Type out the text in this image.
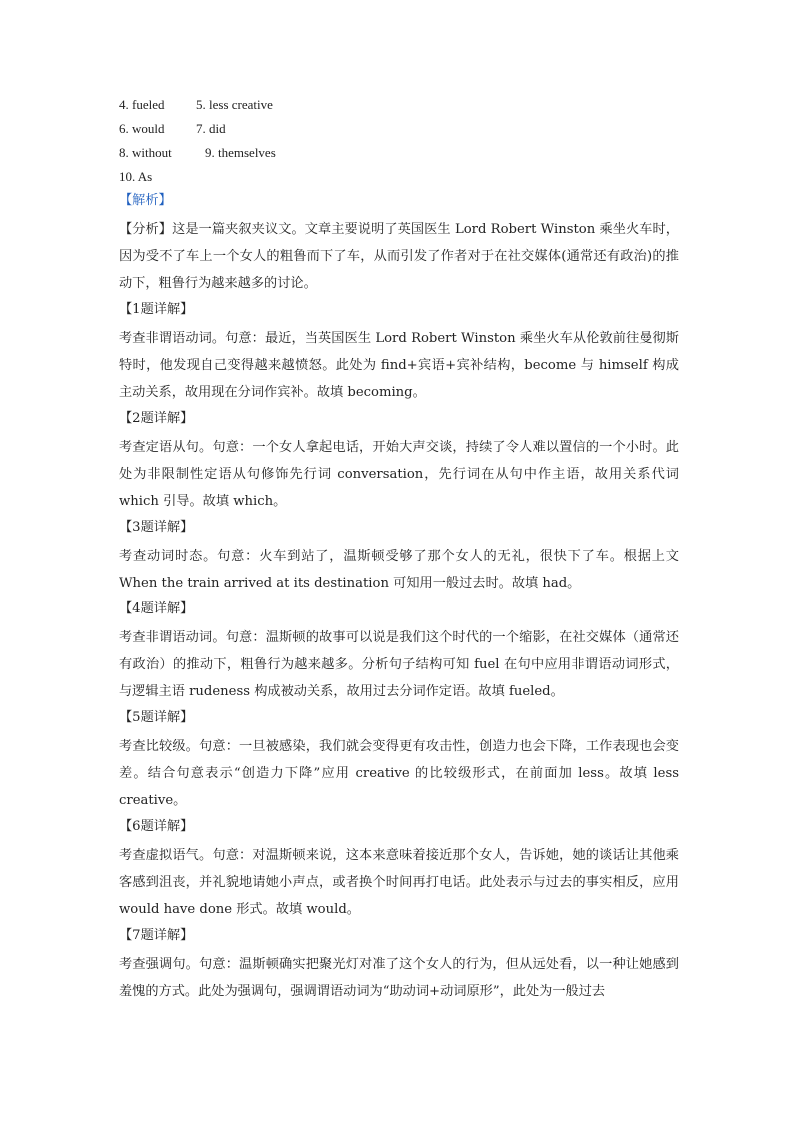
4. fueled 5. less creative
6. would 7. did
8. without	9. themselves
10. As
【解析】
【分析】这是一篇夹叙夹议文。文章主要说明了英国医生 Lord Robert Winston 乘坐火车时，因为受不了车上一个女人的粗鲁而下了车，从而引发了作者对于在社交媒体(通常还有政治)的推动下，粗鲁行为越来越多的讨论。
【1题详解】
考查非谓语动词。句意：最近，当英国医生 Lord Robert Winston 乘坐火车从伦敦前往曼彻斯特时，他发现自己变得越来越愤怒。此处为 find+宾语+宾补结构，become 与 himself 构成主动关系，故用现在分词作宾补。故填 becoming。
【2题详解】
考查定语从句。句意：一个女人拿起电话，开始大声交谈，持续了令人难以置信的一个小时。此处为非限制性定语从句修饰先行词 conversation，先行词在从句中作主语，故用关系代词 which 引导。故填 which。
【3题详解】
考查动词时态。句意：火车到站了，温斯顿受够了那个女人的无礼，很快下了车。根据上文 When the train arrived at its destination 可知用一般过去时。故填 had。
【4题详解】
考查非谓语动词。句意：温斯顿的故事可以说是我们这个时代的一个缩影，在社交媒体（通常还有政治）的推动下，粗鲁行为越来越多。分析句子结构可知 fuel 在句中应用非谓语动词形式，与逻辑主语 rudeness 构成被动关系，故用过去分词作定语。故填 fueled。
【5题详解】
考查比较级。句意：一旦被感染，我们就会变得更有攻击性，创造力也会下降，工作表现也会变差。结合句意表示“创造力下降”应用 creative 的比较级形式，在前面加 less。故填 less creative。
【6题详解】
考查虚拟语气。句意：对温斯顿来说，这本来意味着接近那个女人，告诉她，她的谈话让其他乘客感到沮丧，并礼貌地请她小声点，或者换个时间再打电话。此处表示与过去的事实相反，应用 would have done 形式。故填 would。
【7题详解】
考查强调句。句意：温斯顿确实把聚光灯对准了这个女人的行为，但从远处看，以一种让她感到羞愧的方式。此处为强调句，强调谓语动词为“助动词+动词原形”，此处为一般过去
